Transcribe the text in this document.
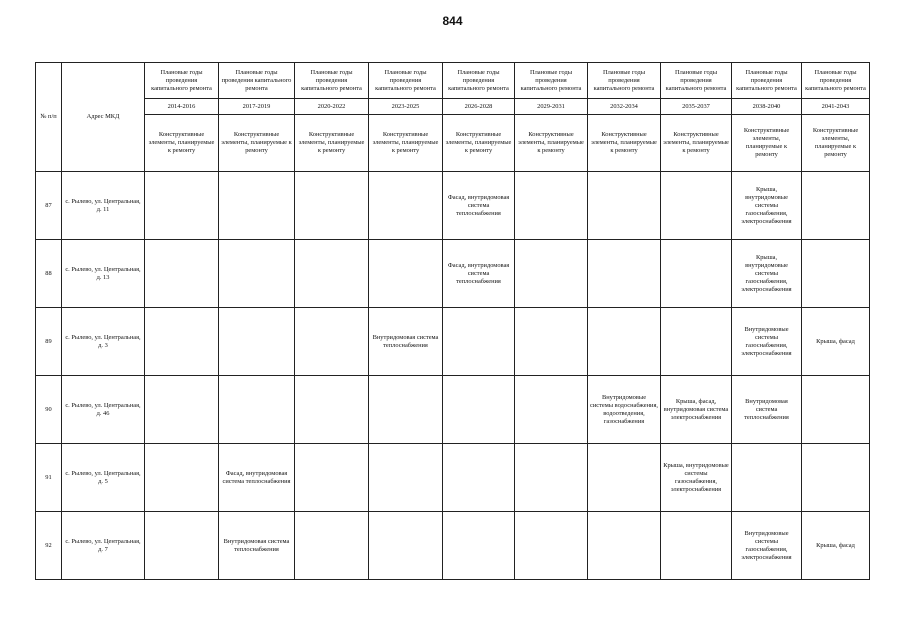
844
№ п/п	Адрес МКД	Плановые годы проведения капитального ремонта	Плановые годы проведения капитального ремонта	Плановые годы проведения капитального ремонта	Плановые годы проведения капитального ремонта	Плановые годы проведения капитального ремонта	Плановые годы проведения капитального ремонта	Плановые годы проведения капитального ремонта	Плановые годы проведения капитального ремонта	Плановые годы проведения капитального ремонта	Плановые годы проведения капитального ремонта
		2014-2016	2017-2019	2020-2022	2023-2025	2026-2028	2029-2031	2032-2034	2035-2037	2038-2040	2041-2043
		Конструктивные элементы, планируемые к ремонту	Конструктивные элементы, планируемые к ремонту	Конструктивные элементы, планируемые к ремонту	Конструктивные элементы, планируемые к ремонту	Конструктивные элементы, планируемые к ремонту	Конструктивные элементы, планируемые к ремонту	Конструктивные элементы, планируемые к ремонту	Конструктивные элементы, планируемые к ремонту	Конструктивные элементы, планируемые к ремонту	Конструктивные элементы, планируемые к ремонту
87	с. Рылево, ул. Центральная, д. 11					Фасад, внутридомовая система теплоснабжения				Крыша, внутридомовые системы газоснабжения, электроснабжения	
88	с. Рылево, ул. Центральная, д. 13					Фасад, внутридомовая система теплоснабжения				Крыша, внутридомовые системы газоснабжения, электроснабжения	
89	с. Рылево, ул. Центральная, д. 3				Внутридомовая система теплоснабжения					Внутридомовые системы газоснабжения, электроснабжения	Крыша, фасад
90	с. Рылево, ул. Центральная, д. 46							Внутридомовые системы водоснабжения, водоотведения, газоснабжения	Крыша, фасад, внутридомовая система электроснабжения	Внутридомовая система теплоснабжения	
91	с. Рылево, ул. Центральная, д. 5		Фасад, внутридомовая система теплоснабжения						Крыша, внутридомовые системы газоснабжения, электроснабжения		
92	с. Рылево, ул. Центральная, д. 7		Внутридомовая система теплоснабжения							Внутридомовые системы газоснабжения, электроснабжения	Крыша, фасад
